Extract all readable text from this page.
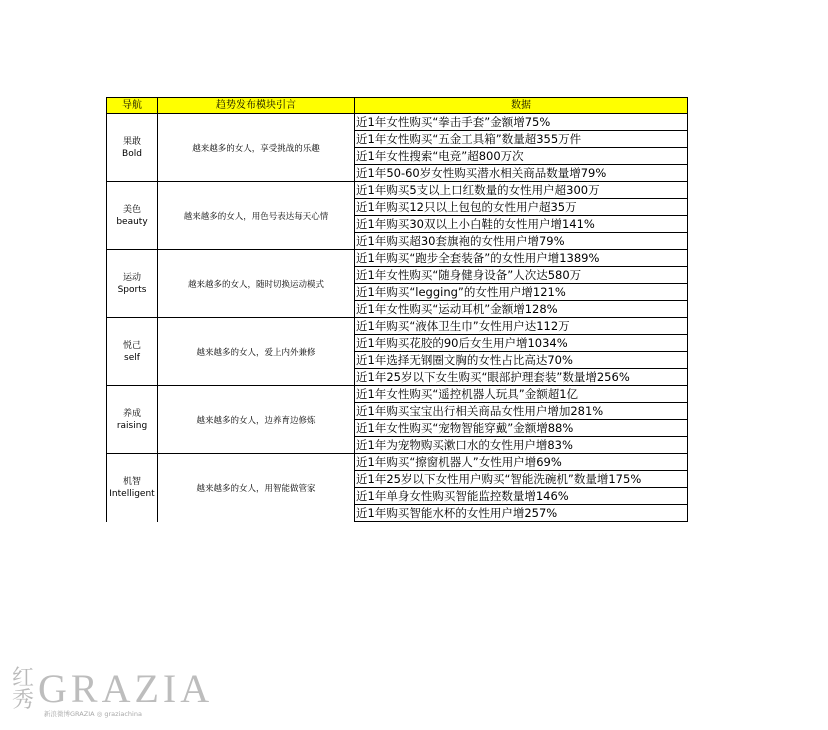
导航	趋势发布模块引言	数据

果敢
Bold	越来越多的女人，享受挑战的乐趣	近1年女性购买“拳击手套”金额增75%
		近1年女性购买“五金工具箱”数量超355万件
		近1年女性搜索“电竞”超800万次
		近1年50-60岁女性购买潜水相关商品数量增79%

美色
beauty	越来越多的女人，用色号表达每天心情	近1年购买5支以上口红数量的女性用户超300万
		近1年购买12只以上包包的女性用户超35万
		近1年购买30双以上小白鞋的女性用户增141%
		近1年购买超30套旗袍的女性用户增79%

运动
Sports	越来越多的女人，随时切换运动模式	近1年购买“跑步全套装备”的女性用户增1389%
		近1年女性购买“随身健身设备”人次达580万
		近1年购买“legging”的女性用户增121%
		近1年女性购买“运动耳机”金额增128%

悦己
self	越来越多的女人，爱上内外兼修	近1年购买“液体卫生巾”女性用户达112万
		近1年购买花胶的90后女生用户增1034%
		近1年选择无钢圈文胸的女性占比高达70%
		近1年25岁以下女生购买“眼部护理套装”数量增256%

养成
raising	越来越多的女人，边养育边修炼	近1年女性购买“遥控机器人玩具”金额超1亿
		近1年购买宝宝出行相关商品女性用户增加281%
		近1年女性购买“宠物智能穿戴”金额增88%
		近1年为宠物购买漱口水的女性用户增83%

机智
Intelligent	越来越多的女人，用智能做管家	近1年购买“擦窗机器人”女性用户增69%
		近1年25岁以下女性用户购买“智能洗碗机”数量增175%
		近1年单身女性购买智能监控数量增146%
		近1年购买智能水杯的女性用户增257%
红秀 GRAZIA
新浪微博GRAZIA ◎ graziachina
